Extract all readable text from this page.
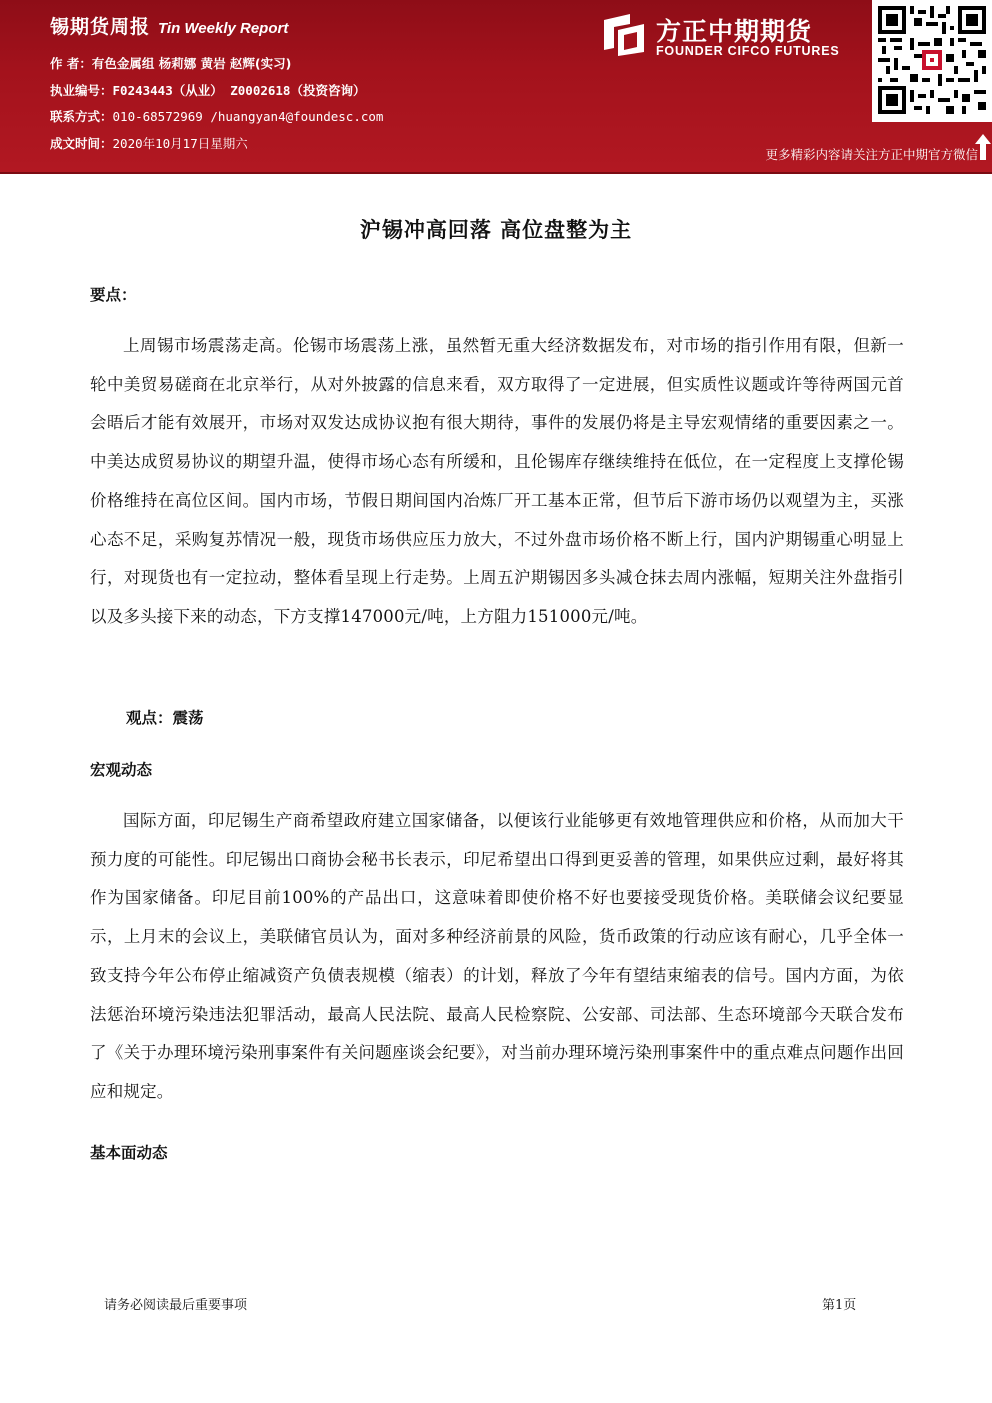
锡期货周报 Tin Weekly Report
作 者：有色金属组 杨莉娜 黄岩 赵辉(实习)
执业编号：F0243443（从业） Z0002618（投资咨询）
联系方式：010-68572969 /huangyan4@foundesc.com
成文时间：2020年10月17日星期六
方正中期期货
FOUNDER CIFCO FUTURES
更多精彩内容请关注方正中期官方微信
沪锡冲高回落 高位盘整为主
要点：
上周锡市场震荡走高。伦锡市场震荡上涨，虽然暂无重大经济数据发布，对市场的指引作用有限，但新一轮中美贸易磋商在北京举行，从对外披露的信息来看，双方取得了一定进展，但实质性议题或许等待两国元首会晤后才能有效展开，市场对双发达成协议抱有很大期待，事件的发展仍将是主导宏观情绪的重要因素之一。中美达成贸易协议的期望升温，使得市场心态有所缓和，且伦锡库存继续维持在低位，在一定程度上支撑伦锡价格维持在高位区间。国内市场，节假日期间国内冶炼厂开工基本正常，但节后下游市场仍以观望为主，买涨心态不足，采购复苏情况一般，现货市场供应压力放大，不过外盘市场价格不断上行，国内沪期锡重心明显上行，对现货也有一定拉动，整体看呈现上行走势。上周五沪期锡因多头减仓抹去周内涨幅，短期关注外盘指引以及多头接下来的动态，下方支撑147000元/吨，上方阻力151000元/吨。
观点：震荡
宏观动态
国际方面，印尼锡生产商希望政府建立国家储备，以便该行业能够更有效地管理供应和价格，从而加大干预力度的可能性。印尼锡出口商协会秘书长表示，印尼希望出口得到更妥善的管理，如果供应过剩，最好将其作为国家储备。印尼目前100%的产品出口，这意味着即使价格不好也要接受现货价格。美联储会议纪要显示，上月末的会议上，美联储官员认为，面对多种经济前景的风险，货币政策的行动应该有耐心，几乎全体一致支持今年公布停止缩减资产负债表规模（缩表）的计划，释放了今年有望结束缩表的信号。国内方面，为依法惩治环境污染违法犯罪活动，最高人民法院、最高人民检察院、公安部、司法部、生态环境部今天联合发布了《关于办理环境污染刑事案件有关问题座谈会纪要》，对当前办理环境污染刑事案件中的重点难点问题作出回应和规定。
基本面动态
请务必阅读最后重要事项	第1页
